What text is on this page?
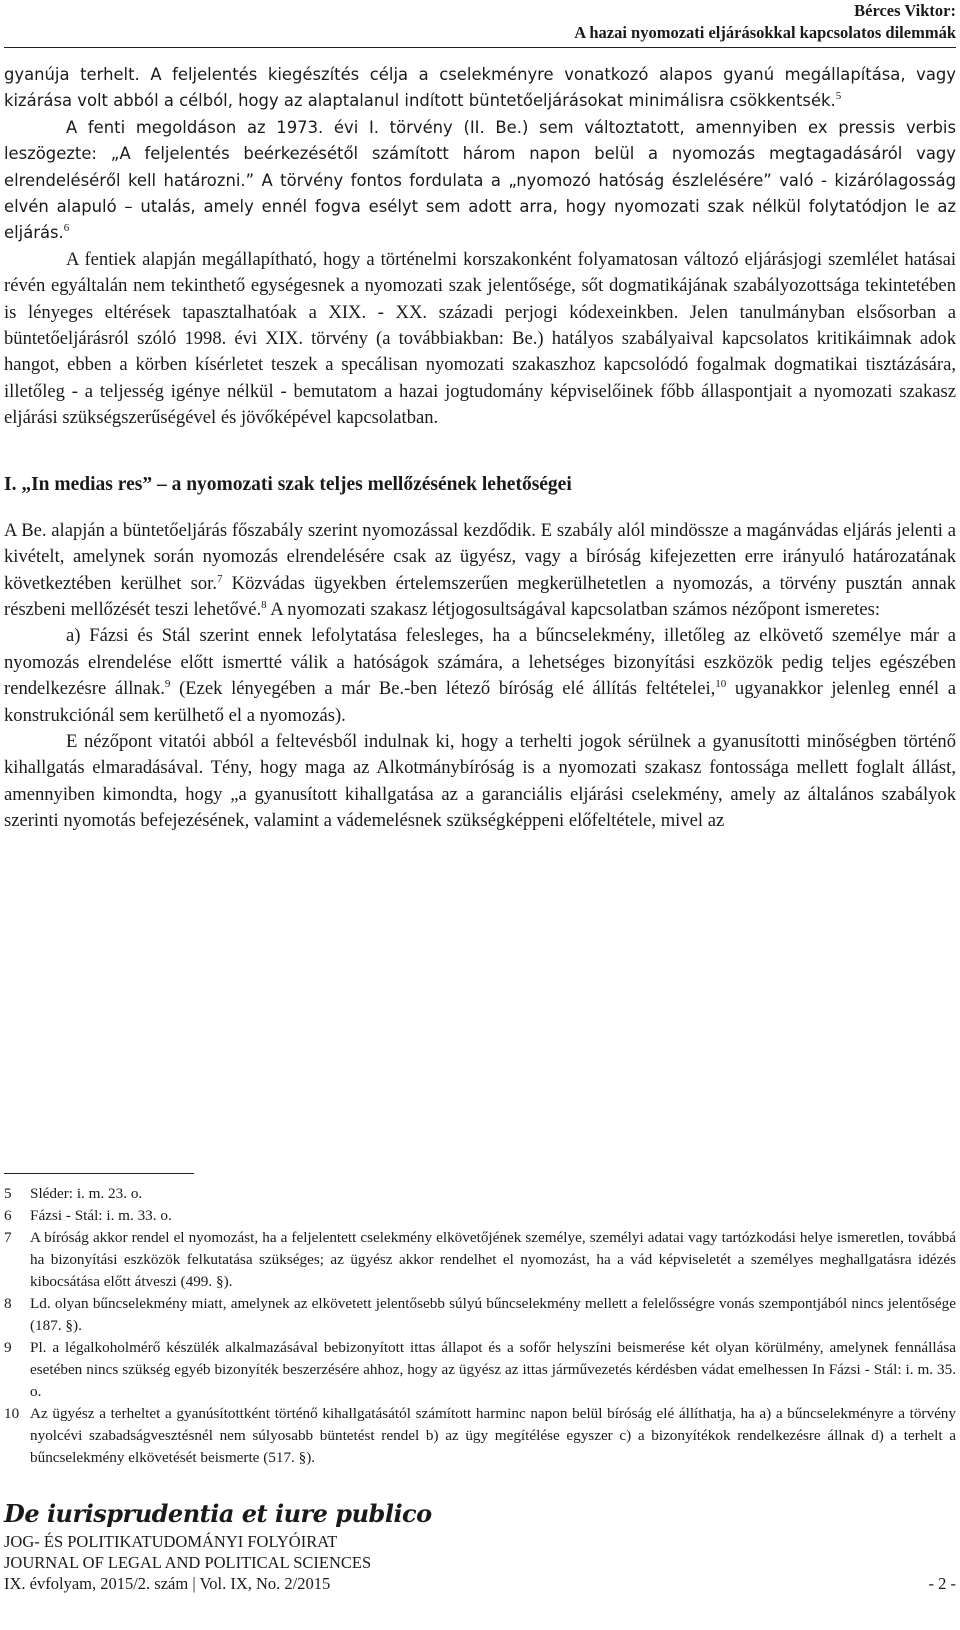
Bérces Viktor:
A hazai nyomozati eljárásokkal kapcsolatos dilemmák

gyanúja terhelt. A feljelentés kiegészítés célja a cselekményre vonatkozó alapos gyanú megállapítása, vagy kizárása volt abból a célból, hogy az alaptalanul indított büntetőeljárásokat minimálisra csökkentsék.$^5$

A fenti megoldáson az 1973. évi I. törvény (II. Be.) sem változtatott, amennyiben ex pressis verbis leszögezte: „A feljelentés beérkezésétől számított három napon belül a nyomozás megtagadásáról vagy elrendeléséről kell határozni.” A törvény fontos fordulata a „nyomozó hatóság észlelésére” való - kizárólagosság elvén alapuló – utalás, amely ennél fogva esélyt sem adott arra, hogy nyomozati szak nélkül folytatódjon le az eljárás.$^6$

A fentiek alapján megállapítható, hogy a történelmi korszakonként folyamatosan változó eljárásjogi szemlélet hatásai révén egyáltalán nem tekinthető egységesnek a nyomozati szak jelentősége, sőt dogmatikájának szabályozottsága tekintetében is lényeges eltérések tapasztalhatóak a XIX. - XX. századi perjogi kódexeinkben. Jelen tanulmányban elsősorban a büntetőeljárásról szóló 1998. évi XIX. törvény (a továbbiakban: Be.) hatályos szabályaival kapcsolatos kritikáimnak adok hangot, ebben a körben kísérletet teszek a specálisan nyomozati szakaszhoz kapcsolódó fogalmak dogmatikai tisztázására, illetőleg - a teljesség igénye nélkül - bemutatom a hazai jogtudomány képviselőinek főbb állaspontjait a nyomozati szakasz eljárási szükségszerűségével és jövőképével kapcsolatban.

I. „In medias res” – a nyomozati szak teljes mellőzésének lehetőségei

A Be. alapján a büntetőeljárás főszabály szerint nyomozással kezdődik. E szabály alól mindössze a magánvádas eljárás jelenti a kivételt, amelynek során nyomozás elrendelésére csak az ügyész, vagy a bíróság kifejezetten erre irányuló határozatának következtében kerülhet sor.$^7$ Közvádas ügyekben értelemszerűen megkerülhetetlen a nyomozás, a törvény pusztán annak részbeni mellőzését teszi lehetővé.$^8$ A nyomozati szakasz létjogosultságával kapcsolatban számos nézőpont ismeretes:

a) Fázsi és Stál szerint ennek lefolytatása felesleges, ha a bűncselekmény, illetőleg az elkövető személye már a nyomozás elrendelése előtt ismertté válik a hatóságok számára, a lehetséges bizonyítási eszközök pedig teljes egészében rendelkezésre állnak.$^9$ (Ezek lényegében a már Be.-ben létező bíróság elé állítás feltételei,$^{10}$ ugyanakkor jelenleg ennél a konstrukciónál sem kerülhető el a nyomozás).

E nézőpont vitatói abból a feltevésből indulnak ki, hogy a terhelti jogok sérülnek a gyanusítotti minőségben történő kihallgatás elmaradásával. Tény, hogy maga az Alkotmánybíróság is a nyomozati szakasz fontossága mellett foglalt állást, amennyiben kimondta, hogy „a gyanusított kihallgatása az a garanciális eljárási cselekmény, amely az általános szabályok szerinti nyomotás befejezésének, valamint a vádemelésnek szükségképpeni előfeltétele, mivel az

5 Sléder: i. m. 23. o.

6 Fázsi - Stál: i. m. 33. o.

7 A bíróság akkor rendel el nyomozást, ha a feljelentett cselekmény elkövetőjének személye, személyi adatai vagy tartózkodási helye ismeretlen, továbbá ha bizonyítási eszközök felkutatása szükséges; az ügyész akkor rendelhet el nyomozást, ha a vád képviseletét a személyes meghallgatásra idézés kibocsátása előtt átveszi (499. §).

8 Ld. olyan bűncselekmény miatt, amelynek az elkövetett jelentősebb súlyú bűncselekmény mellett a felelősségre vonás szempontjából nincs jelentősége (187. §).

9 Pl. a légalkoholmérő készülék alkalmazásával bebizonyított ittas állapot és a sofőr helyszíni beismerése két olyan körülmény, amelynek fennállása esetében nincs szükség egyéb bizonyíték beszerzésére ahhoz, hogy az ügyész az ittas járművezetés kérdésben vádat emelhessen In Fázsi - Stál: i. m. 35. o.

10 Az ügyész a terheltet a gyanúsítottként történő kihallgatásától számított harminc napon belül bíróság elé állíthatja, ha a) a bűncselekményre a törvény nyolcévi szabadságvesztésnél nem súlyosabb büntetést rendel b) az ügy megítélése egyszer c) a bizonyítékok rendelkezésre állnak d) a terhelt a bűncselekmény elkövetését beismerte (517. §).

De iurisprudentia et iure publico
JOG- ÉS POLITIKATUDOMÁNYI FOLYÓIRAT
JOURNAL OF LEGAL AND POLITICAL SCIENCES
IX. évfolyam, 2015/2. szám | Vol. IX, No. 2/2015	- 2 -
